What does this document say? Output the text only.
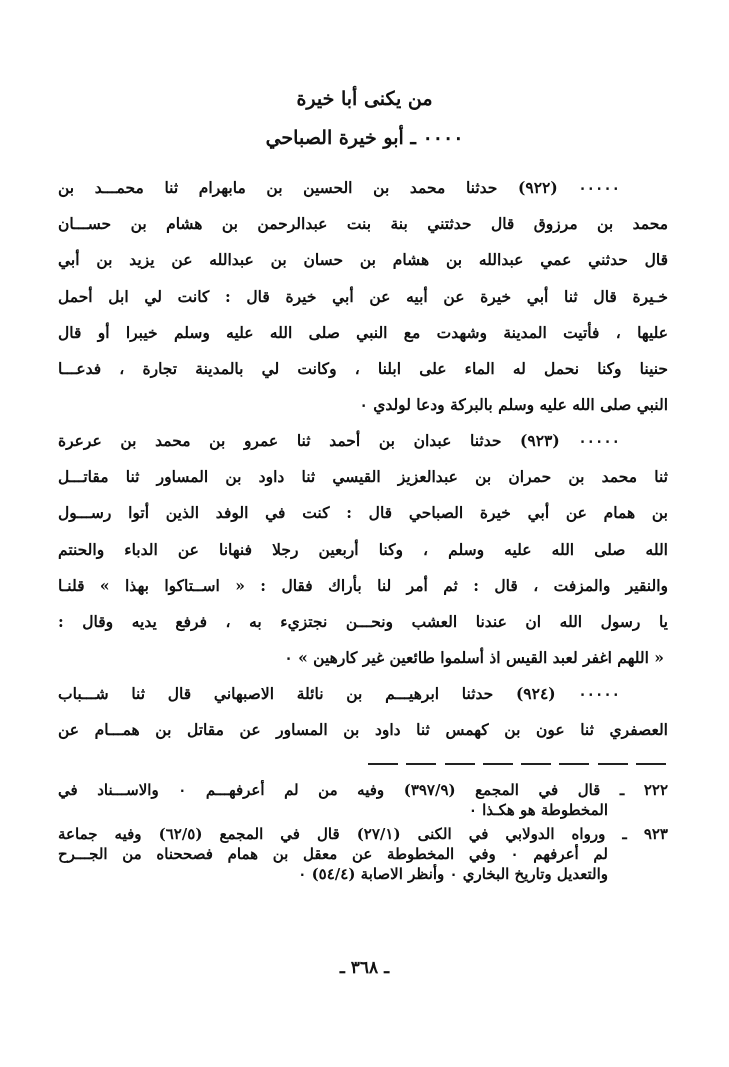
من يكنى أبا خيرة
٠٠٠٠ ـ أبو خيرة الصباحي
٠٠٠٠٠ (٩٢٢) حدثنا محمد بن الحسين بن مابهرام ثنا محمـــد بن
محمد بن مرزوق قال حدثتني بنة بنت عبدالرحمن بن هشام بن حســـان
قال حدثني عمي عبدالله بن هشام بن حسان بن عبدالله عن يزيد بن أبي
خـيرة قال ثنا أبي خيرة عن أبيه عن أبي خيرة قال : كانت لي ابل أحمل
عليها ، فأتيت المدينة وشهدت مع النبي صلى الله عليه وسلم خيبرا أو قال
حنينا وكنا نحمل له الماء على ابلنا ، وكانت لي بالمدينة تجارة ، فدعـــا
النبي صلى الله عليه وسلم بالبركة ودعا لولدي ٠
٠٠٠٠٠ (٩٢٣) حدثنا عبدان بن أحمد ثنا عمرو بن محمد بن عرعرة
ثنا محمد بن حمران بن عبدالعزيز القيسي ثنا داود بن المساور ثنا مقاتـــل
بن همام عن أبي خيرة الصباحي قال : كنت في الوفد الذين أتوا رســـول
الله صلى الله عليه وسلم ، وكنا أربعين رجلا فنهانا عن الدباء والحنتم
والنقير والمزفت ، قال : ثم أمر لنا بأراك فقال : « اســتاكوا بهذا » قلنـا
يا رسول الله ان عندنا العشب ونحـــن نجتزيء به ، فرفع يديه وقال :
« اللهم اغفر لعبد القيس اذ أسلموا طائعين غير كارهين » ٠
٠٠٠٠٠ (٩٢٤) حدثنا ابرهيـــم بن نائلة الاصبهاني قال ثنا شـــباب
العصفري ثنا عون بن كهمس ثنا داود بن المساور عن مقاتل بن همـــام عن
٢٢٢ ـ قال في المجمع (٣٩٧/٩) وفيه من لم أعرفهـــم ٠ والاســـناد في
المخطوطة هو هكـذا ٠
٩٢٣ ـ ورواه الدولابي في الكنى (٢٧/١) قال في المجمع (٦٢/٥) وفيه جماعة
لم أعرفهم ٠ وفي المخطوطة عن معقل بن همام فصححناه من الجـــرح
والتعديل وتاريخ البخاري ٠ وأنظر الاصابة (٥٤/٤) ٠
ـ ٣٦٨ ـ
